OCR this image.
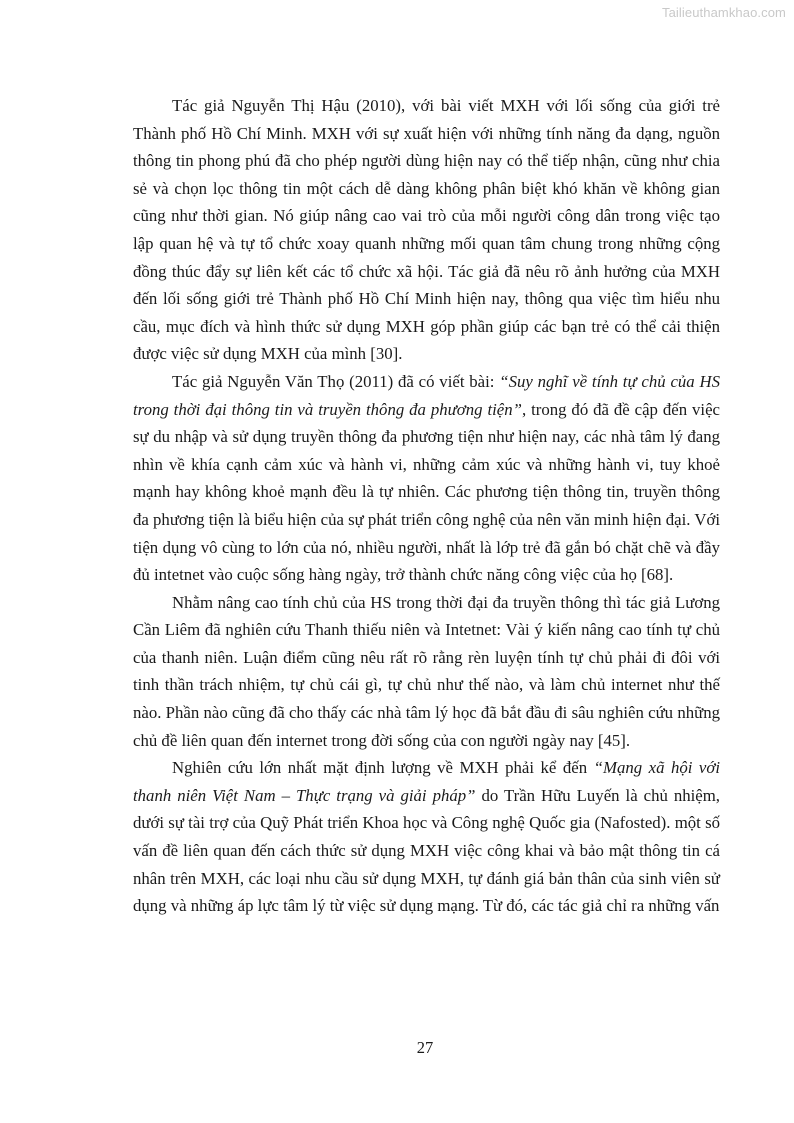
Tailieuthamkhao.com

Tác giả Nguyễn Thị Hậu (2010), với bài viết MXH với lối sống của giới trẻ Thành phố Hồ Chí Minh. MXH với sự xuất hiện với những tính năng đa dạng, nguồn thông tin phong phú đã cho phép người dùng hiện nay có thể tiếp nhận, cũng như chia sẻ và chọn lọc thông tin một cách dễ dàng không phân biệt khó khăn về không gian cũng như thời gian. Nó giúp nâng cao vai trò của mỗi người công dân trong việc tạo lập quan hệ và tự tổ chức xoay quanh những mối quan tâm chung trong những cộng đồng thúc đẩy sự liên kết các tổ chức xã hội. Tác giả đã nêu rõ ảnh hưởng của MXH đến lối sống giới trẻ Thành phố Hồ Chí Minh hiện nay, thông qua việc tìm hiểu nhu cầu, mục đích và hình thức sử dụng MXH góp phần giúp các bạn trẻ có thể cải thiện được việc sử dụng MXH của mình [30].

Tác giả Nguyễn Văn Thọ (2011) đã có viết bài: “Suy nghĩ về tính tự chủ của HS trong thời đại thông tin và truyền thông đa phương tiện”, trong đó đã đề cập đến việc sự du nhập và sử dụng truyền thông đa phương tiện như hiện nay, các nhà tâm lý đang nhìn về khía cạnh cảm xúc và hành vi, những cảm xúc và những hành vi, tuy khoẻ mạnh hay không khoẻ mạnh đều là tự nhiên. Các phương tiện thông tin, truyền thông đa phương tiện là biểu hiện của sự phát triển công nghệ của nên văn minh hiện đại. Với tiện dụng vô cùng to lớn của nó, nhiều người, nhất là lớp trẻ đã gắn bó chặt chẽ và đầy đủ intetnet vào cuộc sống hàng ngày, trở thành chức năng công việc của họ [68].

Nhằm nâng cao tính chủ của HS trong thời đại đa truyền thông thì tác giả Lương Cần Liêm đã nghiên cứu Thanh thiếu niên và Intetnet: Vài ý kiến nâng cao tính tự chủ của thanh niên. Luận điểm cũng nêu rất rõ rằng rèn luyện tính tự chủ phải đi đôi với tinh thần trách nhiệm, tự chủ cái gì, tự chủ như thế nào, và làm chủ internet như thế nào. Phần nào cũng đã cho thấy các nhà tâm lý học đã bắt đầu đi sâu nghiên cứu những chủ đề liên quan đến internet trong đời sống của con người ngày nay [45].

Nghiên cứu lớn nhất mặt định lượng về MXH phải kể đến “Mạng xã hội với thanh niên Việt Nam – Thực trạng và giải pháp” do Trần Hữu Luyến là chủ nhiệm, dưới sự tài trợ của Quỹ Phát triển Khoa học và Công nghệ Quốc gia (Nafosted). một số vấn đề liên quan đến cách thức sử dụng MXH việc công khai và bảo mật thông tin cá nhân trên MXH, các loại nhu cầu sử dụng MXH, tự đánh giá bản thân của sinh viên sử dụng và những áp lực tâm lý từ việc sử dụng mạng. Từ đó, các tác giả chỉ ra những vấn

27
